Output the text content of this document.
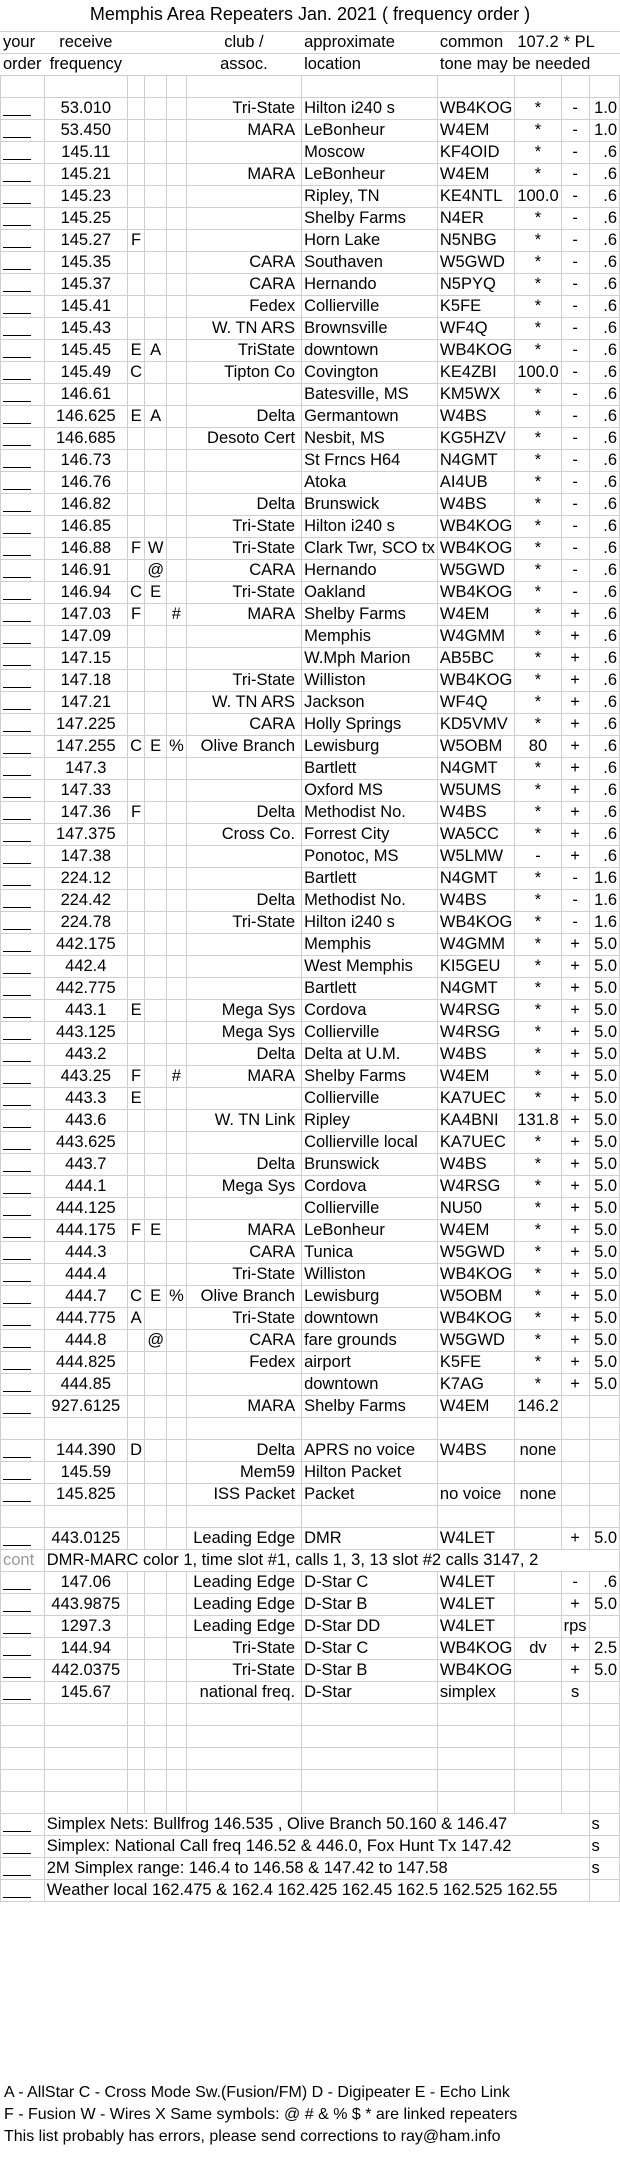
Memphis Area Repeaters Jan. 2021 ( frequency order )
your	receive				club /	approximate	common	107.2	* PL	
order	frequency				assoc.	location	tone may be needed			

	53.010				Tri-State	Hilton i240 s	WB4KOG	*	-	1.0
	53.450				MARA	LeBonheur	W4EM	*	-	1.0
	145.11					Moscow	KF4OID	*	-	.6
	145.21				MARA	LeBonheur	W4EM	*	-	.6
	145.23					Ripley, TN	KE4NTL	100.0	-	.6
	145.25					Shelby Farms	N4ER	*	-	.6
	145.27	F				Horn Lake	N5NBG	*	-	.6
	145.35				CARA	Southaven	W5GWD	*	-	.6
	145.37				CARA	Hernando	N5PYQ	*	-	.6
	145.41				Fedex	Collierville	K5FE	*	-	.6
	145.43				W. TN ARS	Brownsville	WF4Q	*	-	.6
	145.45	E	A		TriState	downtown	WB4KOG	*	-	.6
	145.49	C			Tipton Co	Covington	KE4ZBI	100.0	-	.6
	146.61					Batesville, MS	KM5WX	*	-	.6
	146.625	E	A		Delta	Germantown	W4BS	*	-	.6
	146.685				Desoto Cert	Nesbit, MS	KG5HZV	*	-	.6
	146.73					St Frncs H64	N4GMT	*	-	.6
	146.76					Atoka	AI4UB	*	-	.6
	146.82				Delta	Brunswick	W4BS	*	-	.6
	146.85				Tri-State	Hilton i240 s	WB4KOG	*	-	.6
	146.88	F	W		Tri-State	Clark Twr, SCO tx	WB4KOG	*	-	.6
	146.91		@		CARA	Hernando	W5GWD	*	-	.6
	146.94	C	E		Tri-State	Oakland	WB4KOG	*	-	.6
	147.03	F		#	MARA	Shelby Farms	W4EM	*	+	.6
	147.09					Memphis	W4GMM	*	+	.6
	147.15					W.Mph Marion	AB5BC	*	+	.6
	147.18				Tri-State	Williston	WB4KOG	*	+	.6
	147.21				W. TN ARS	Jackson	WF4Q	*	+	.6
	147.225				CARA	Holly Springs	KD5VMV	*	+	.6
	147.255	C	E	%	Olive Branch	Lewisburg	W5OBM	80	+	.6
	147.3					Bartlett	N4GMT	*	+	.6
	147.33					Oxford MS	W5UMS	*	+	.6
	147.36	F			Delta	Methodist No.	W4BS	*	+	.6
	147.375				Cross Co.	Forrest City	WA5CC	*	+	.6
	147.38					Ponotoc, MS	W5LMW	-	+	.6
	224.12					Bartlett	N4GMT	*	-	1.6
	224.42				Delta	Methodist No.	W4BS	*	-	1.6
	224.78				Tri-State	Hilton i240 s	WB4KOG	*	-	1.6
	442.175					Memphis	W4GMM	*	+	5.0
	442.4					West Memphis	KI5GEU	*	+	5.0
	442.775					Bartlett	N4GMT	*	+	5.0
	443.1	E			Mega Sys	Cordova	W4RSG	*	+	5.0
	443.125				Mega Sys	Collierville	W4RSG	*	+	5.0
	443.2				Delta	Delta at U.M.	W4BS	*	+	5.0
	443.25	F		#	MARA	Shelby Farms	W4EM	*	+	5.0
	443.3	E				Collierville	KA7UEC	*	+	5.0
	443.6				W. TN Link	Ripley	KA4BNI	131.8	+	5.0
	443.625					Collierville local	KA7UEC	*	+	5.0
	443.7				Delta	Brunswick	W4BS	*	+	5.0
	444.1				Mega Sys	Cordova	W4RSG	*	+	5.0
	444.125					Collierville	NU50	*	+	5.0
	444.175	F	E		MARA	LeBonheur	W4EM	*	+	5.0
	444.3				CARA	Tunica	W5GWD	*	+	5.0
	444.4				Tri-State	Williston	WB4KOG	*	+	5.0
	444.7	C	E	%	Olive Branch	Lewisburg	W5OBM	*	+	5.0
	444.775	A			Tri-State	downtown	WB4KOG	*	+	5.0
	444.8		@		CARA	fare grounds	W5GWD	*	+	5.0
	444.825				Fedex	airport	K5FE	*	+	5.0
	444.85					downtown	K7AG	*	+	5.0
	927.6125				MARA	Shelby Farms	W4EM	146.2		

	144.390	D			Delta	APRS no voice	W4BS	none		
	145.59				Mem59	Hilton Packet				
	145.825				ISS Packet	Packet	no voice	none		

	443.0125				Leading Edge	DMR	W4LET		+	5.0
cont	DMR-MARC color 1, time slot #1, calls 1, 3, 13 slot #2 calls 3147, 2									
	147.06				Leading Edge	D-Star C	W4LET		-	.6
	443.9875				Leading Edge	D-Star B	W4LET		+	5.0
	1297.3				Leading Edge	D-Star DD	W4LET		rps	
	144.94				Tri-State	D-Star C	WB4KOG	dv	+	2.5
	442.0375				Tri-State	D-Star B	WB4KOG		+	5.0
	145.67				national freq.	D-Star	simplex		s	

	Simplex Nets: Bullfrog 146.535 , Olive Branch 50.160 & 146.47									s
	Simplex: National Call freq 146.52 & 446.0, Fox Hunt Tx 147.42									s
	2M Simplex range: 146.4 to 146.58 & 147.42 to 147.58									s
	Weather local 162.475 & 162.4 162.425 162.45 162.5 162.525 162.55									
A - AllStar C - Cross Mode Sw.(Fusion/FM) D - Digipeater E - Echo Link
F - Fusion W - Wires X Same symbols: @ # & % $ * are linked repeaters
This list probably has errors, please send corrections to ray@ham.info
